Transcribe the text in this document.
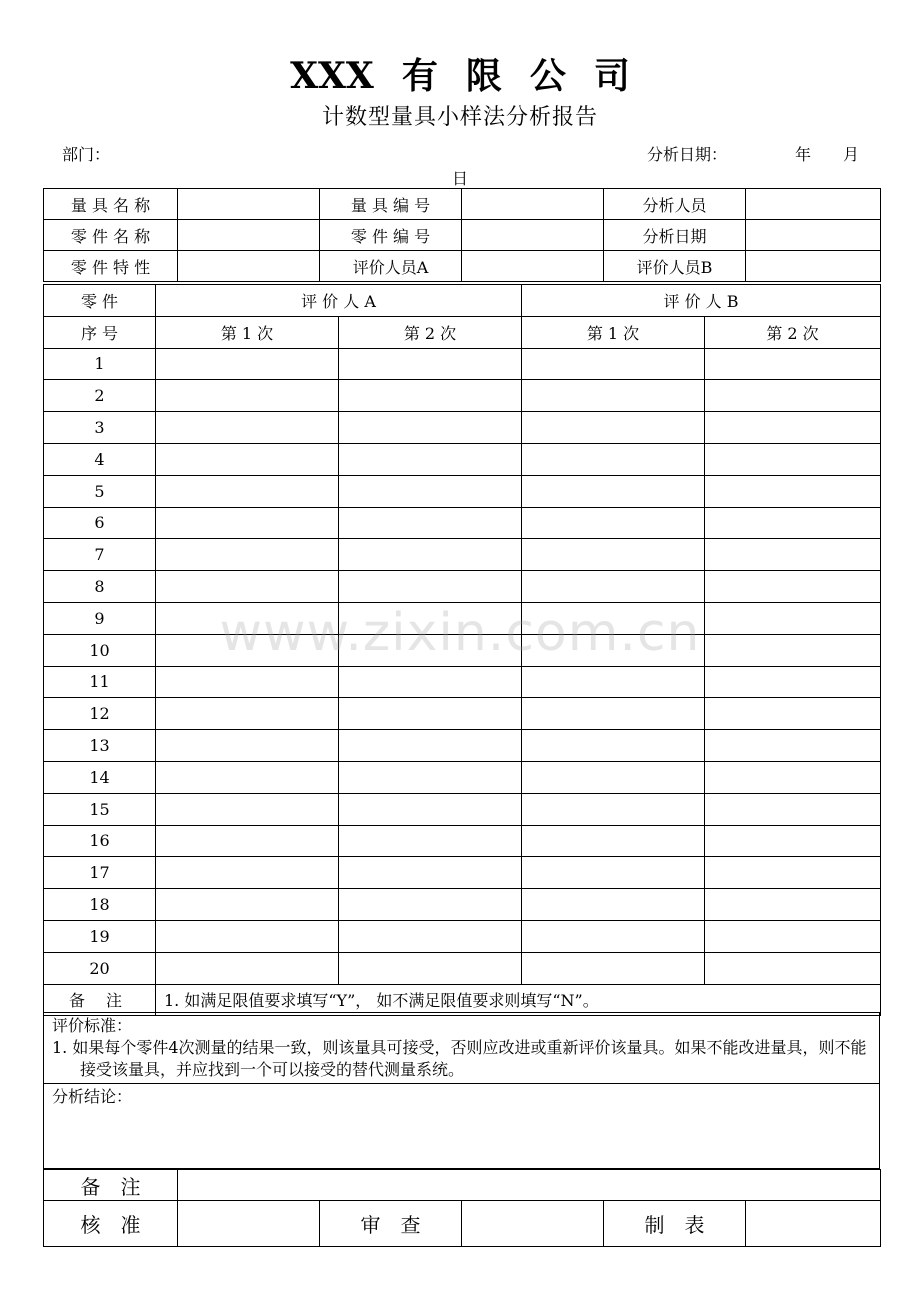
XXX 有 限 公 司
计数型量具小样法分析报告
部门：	分析日期：	年 月
日
量 具 名 称		量 具 编 号		分析人员	
零 件 名 称		零 件 编 号		分析日期	
零 件 特 性		评价人员A		评价人员B	
零 件	评 价 人 A		评 价 人 B	
序 号	第 1 次	第 2 次	第 1 次	第 2 次
1				
2				
3				
4				
5				
6				
7				
8				
9				
10				
11				
12				
13				
14				
15				
16				
17				
18				
19				
20				
备 注	1. 如满足限值要求填写“Y”， 如不满足限值要求则填写“N”。			
评价标准：
1. 如果每个零件4次测量的结果一致，则该量具可接受，否则应改进或重新评价该量具。如果不能改进量具，则不能接受该量具，并应找到一个可以接受的替代测量系统。

分析结论：
备　注					
核　准		审　查		制　表	
www.zixin.com.cn
